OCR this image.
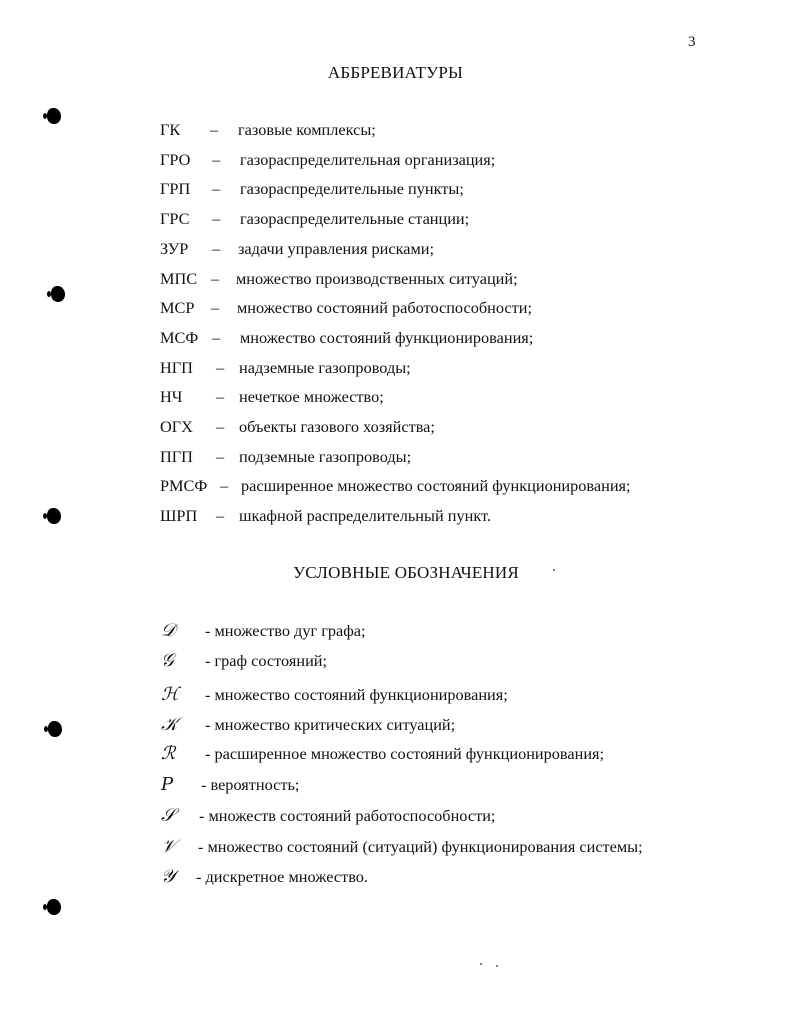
3
АББРЕВИАТУРЫ
ГК – газовые комплексы;
ГРО – газораспределительная организация;
ГРП – газораспределительные пункты;
ГРС – газораспределительные станции;
ЗУР – задачи управления рисками;
МПС – множество производственных ситуаций;
МСР – множество состояний работоспособности;
МСФ – множество состояний функционирования;
НГП – надземные газопроводы;
НЧ – нечеткое множество;
ОГХ – объекты газового хозяйства;
ПГП – подземные газопроводы;
РМСФ – расширенное множество состояний функционирования;
ШРП – шкафной распределительный пункт.
УСЛОВНЫЕ ОБОЗНАЧЕНИЯ
𝒟 - множество дуг графа;
𝒢 - граф состояний;
ℋ - множество состояний функционирования;
𝒦 - множество критических ситуаций;
ℛ - расширенное множество состояний функционирования;
P - вероятность;
𝒮 - множеств состояний работоспособности;
𝒱 - множество состояний (ситуаций) функционирования системы;
𝒴 - дискретное множество.
